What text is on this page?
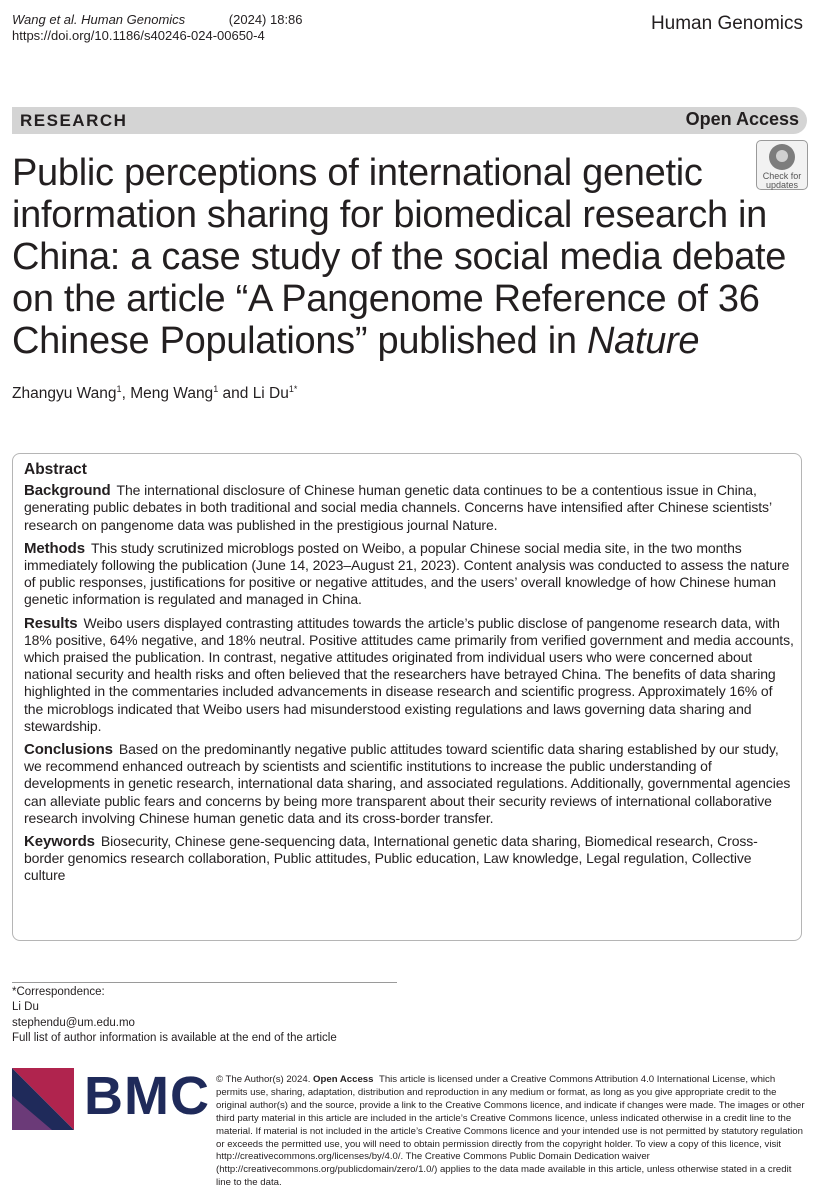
Wang et al. Human Genomics	(2024) 18:86
https://doi.org/10.1186/s40246-024-00650-4
Human Genomics
RESEARCH	Open Access
Check for
updates
Public perceptions of international genetic information sharing for biomedical research in China: a case study of the social media debate on the article “A Pangenome Reference of 36 Chinese Populations” published in Nature
Zhangyu Wang$^1$, Meng Wang$^1$ and Li $Du^{1*}$
Abstract

Background The international disclosure of Chinese human genetic data continues to be a contentious issue in China, generating public debates in both traditional and social media channels. Concerns have intensified after Chinese scientists’ research on pangenome data was published in the prestigious journal Nature.

Methods This study scrutinized microblogs posted on Weibo, a popular Chinese social media site, in the two months immediately following the publication (June 14, 2023–August 21, 2023). Content analysis was conducted to assess the nature of public responses, justifications for positive or negative attitudes, and the users’ overall knowledge of how Chinese human genetic information is regulated and managed in China.

Results Weibo users displayed contrasting attitudes towards the article’s public disclose of pangenome research data, with 18% positive, 64% negative, and 18% neutral. Positive attitudes came primarily from verified government and media accounts, which praised the publication. In contrast, negative attitudes originated from individual users who were concerned about national security and health risks and often believed that the researchers have betrayed China. The benefits of data sharing highlighted in the commentaries included advancements in disease research and scientific progress. Approximately 16% of the microblogs indicated that Weibo users had misunderstood existing regulations and laws governing data sharing and stewardship.

Conclusions Based on the predominantly negative public attitudes toward scientific data sharing established by our study, we recommend enhanced outreach by scientists and scientific institutions to increase the public understanding of developments in genetic research, international data sharing, and associated regulations. Additionally, governmental agencies can alleviate public fears and concerns by being more transparent about their security reviews of international collaborative research involving Chinese human genetic data and its cross-border transfer.

Keywords Biosecurity, Chinese gene-sequencing data, International genetic data sharing, Biomedical research, Cross-border genomics research collaboration, Public attitudes, Public education, Law knowledge, Legal regulation, Collective culture

*Correspondence:
Li Du
stephendu@um.edu.mo
Full list of author information is available at the end of the article
BMC © The Author(s) 2024. Open Access This article is licensed under a Creative Commons Attribution 4.0 International License, which permits use, sharing, adaptation, distribution and reproduction in any medium or format, as long as you give appropriate credit to the original author(s) and the source, provide a link to the Creative Commons licence, and indicate if changes were made. The images or other third party material in this article are included in the article’s Creative Commons licence, unless indicated otherwise in a credit line to the material. If material is not included in the article’s Creative Commons licence and your intended use is not permitted by statutory regulation or exceeds the permitted use, you will need to obtain permission directly from the copyright holder. To view a copy of this licence, visit http://creativecommons.org/licenses/by/4.0/. The Creative Commons Public Domain Dedication waiver (http://creativecommons.org/publicdomain/zero/1.0/) applies to the data made available in this article, unless otherwise stated in a credit line to the data.
